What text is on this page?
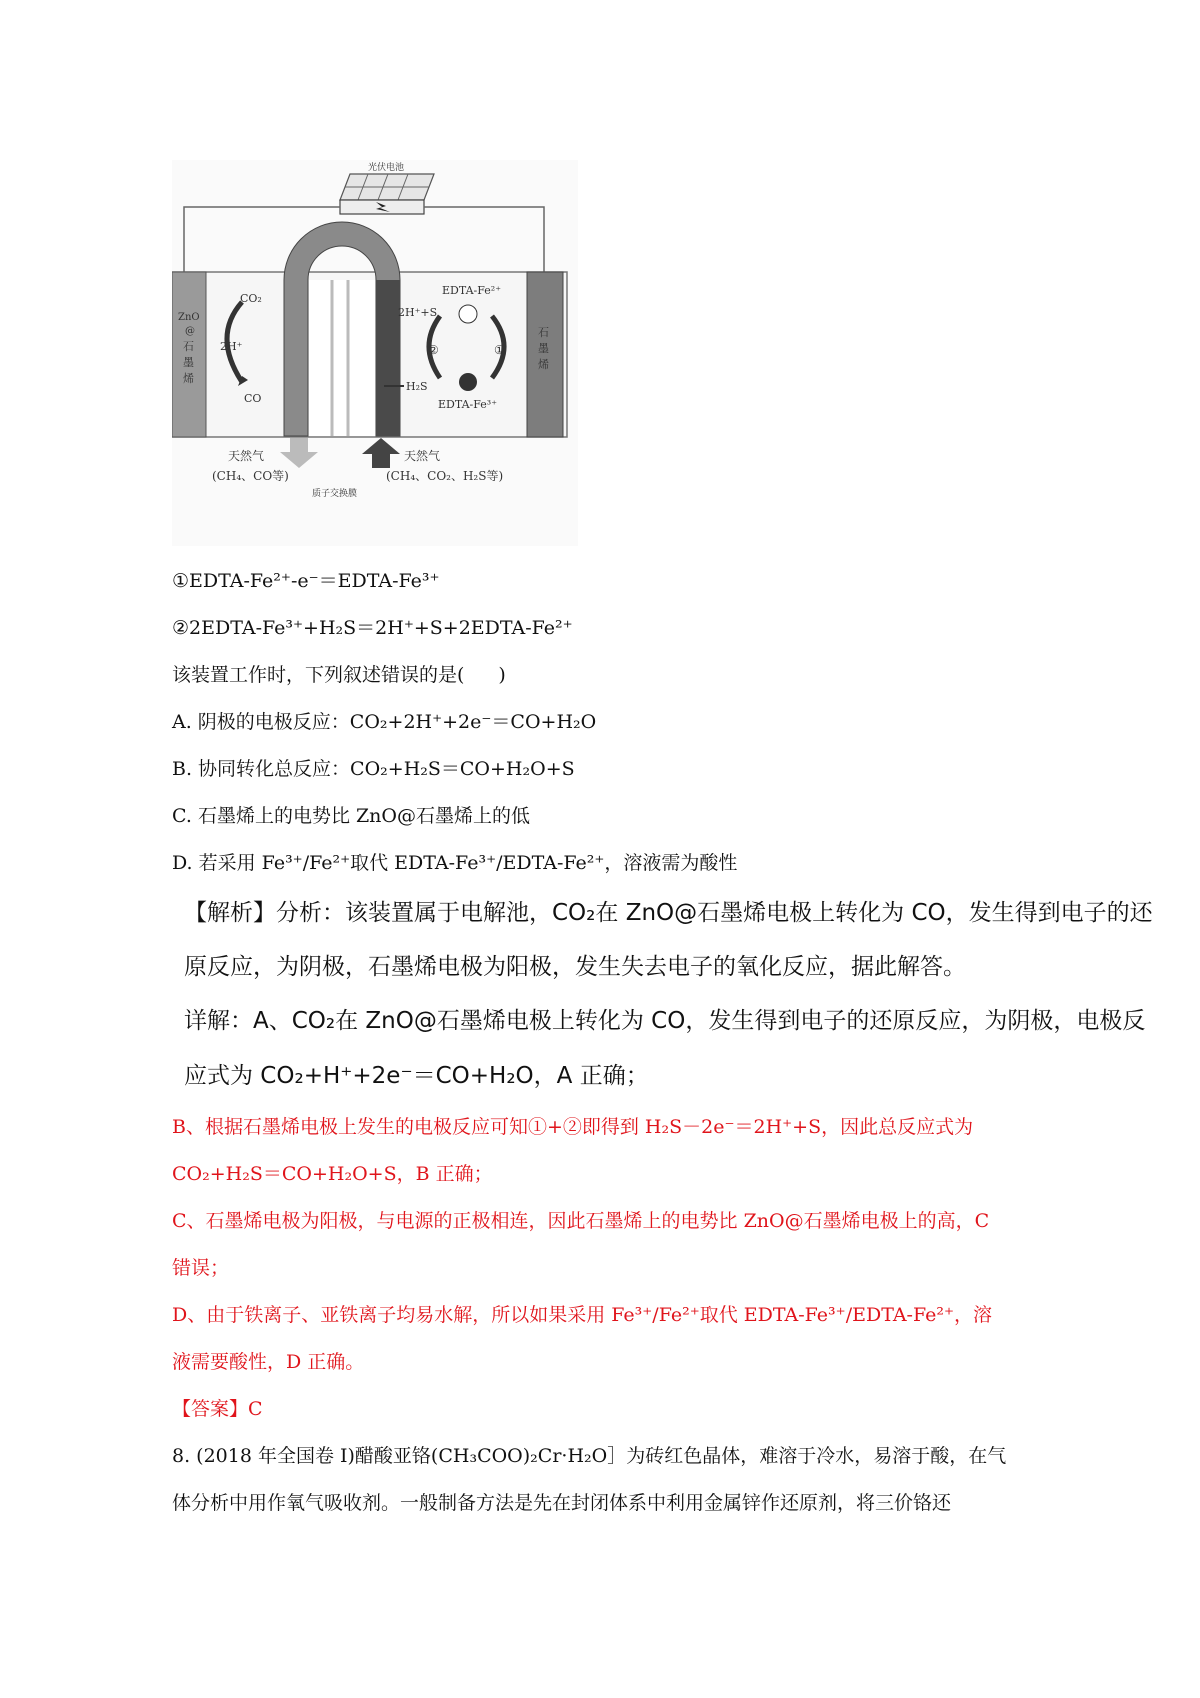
光伏电池
ZnO
@
石
墨
烯
石
墨
烯
CO₂
2H⁺
CO
EDTA-Fe²⁺
2H⁺+S
②	①
H₂S
EDTA-Fe³⁺
天然气
(CH₄、CO等)
天然气
(CH₄、CO₂、H₂S等)
质子交换膜
①EDTA-Fe²⁺-e⁻＝EDTA-Fe³⁺
②2EDTA-Fe³⁺+H₂S＝2H⁺+S+2EDTA-Fe²⁺
该装置工作时，下列叙述错误的是( )
A. 阴极的电极反应：CO₂+2H⁺+2e⁻＝CO+H₂O
B. 协同转化总反应：CO₂+H₂S＝CO+H₂O+S
C. 石墨烯上的电势比 ZnO@石墨烯上的低
D. 若采用 Fe³⁺/Fe²⁺取代 EDTA-Fe³⁺/EDTA-Fe²⁺，溶液需为酸性
【解析】分析：该装置属于电解池，CO₂在 ZnO@石墨烯电极上转化为 CO，发生得到电子的还
原反应，为阴极，石墨烯电极为阳极，发生失去电子的氧化反应，据此解答。
详解：A、CO₂在 ZnO@石墨烯电极上转化为 CO，发生得到电子的还原反应，为阴极，电极反
应式为 CO₂+H⁺+2e⁻＝CO+H₂O，A 正确；
B、根据石墨烯电极上发生的电极反应可知①+②即得到 H₂S－2e⁻＝2H⁺+S，因此总反应式为
CO₂+H₂S＝CO+H₂O+S，B 正确；
C、石墨烯电极为阳极，与电源的正极相连，因此石墨烯上的电势比 ZnO@石墨烯电极上的高，C
错误；
D、由于铁离子、亚铁离子均易水解，所以如果采用 Fe³⁺/Fe²⁺取代 EDTA-Fe³⁺/EDTA-Fe²⁺，溶
液需要酸性，D 正确。
【答案】C
8. (2018 年全国卷 I)醋酸亚铬(CH₃COO)₂Cr·H₂O］为砖红色晶体，难溶于冷水，易溶于酸，在气
体分析中用作氧气吸收剂。一般制备方法是先在封闭体系中利用金属锌作还原剂，将三价铬还
